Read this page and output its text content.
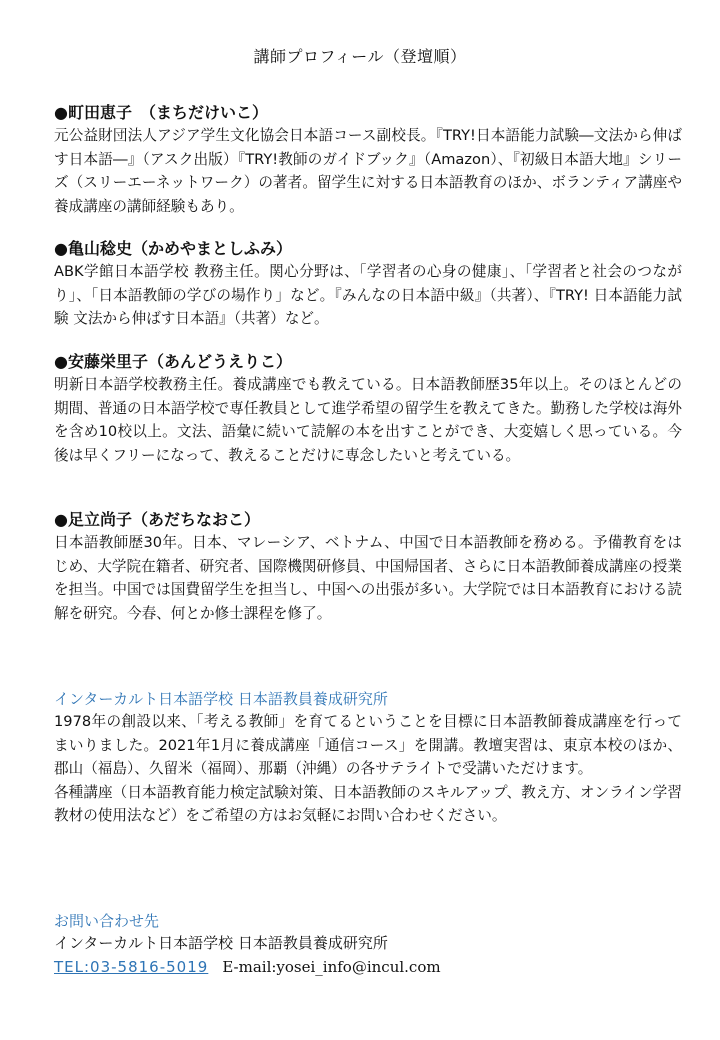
講師プロフィール（登壇順）
●町田恵子　（まちだけいこ）
元公益財団法人アジア学生文化協会日本語コース副校長。『TRY!日本語能力試験―文法から伸ばす日本語―』（アスク出版）『TRY!教師のガイドブック』（Amazon）、『初級日本語大地』シリーズ（スリーエーネットワーク）の著者。留学生に対する日本語教育のほか、ボランティア講座や養成講座の講師経験もあり。
●亀山稔史（かめやまとしふみ）
ABK学館日本語学校 教務主任。関心分野は、「学習者の心身の健康」、「学習者と社会のつながり」、「日本語教師の学びの場作り」など。『みんなの日本語中級』（共著）、『TRY! 日本語能力試験 文法から伸ばす日本語』（共著）など。
●安藤栄里子（あんどうえりこ）
明新日本語学校教務主任。養成講座でも教えている。日本語教師歴35年以上。そのほとんどの期間、普通の日本語学校で専任教員として進学希望の留学生を教えてきた。勤務した学校は海外を含め10校以上。文法、語彙に続いて読解の本を出すことができ、大変嬉しく思っている。今後は早くフリーになって、教えることだけに専念したいと考えている。
●足立尚子（あだちなおこ）
日本語教師歴30年。日本、マレーシア、ベトナム、中国で日本語教師を務める。予備教育をはじめ、大学院在籍者、研究者、国際機関研修員、中国帰国者、さらに日本語教師養成講座の授業を担当。中国では国費留学生を担当し、中国への出張が多い。大学院では日本語教育における読解を研究。今春、何とか修士課程を修了。
インターカルト日本語学校 日本語教員養成研究所

1978年の創設以来、「考える教師」を育てるということを目標に日本語教師養成講座を行ってまいりました。2021年1月に養成講座「通信コース」を開講。教壇実習は、東京本校のほか、郡山（福島）、久留米（福岡）、那覇（沖縄）の各サテライトで受講いただけます。

各種講座（日本語教育能力検定試験対策、日本語教師のスキルアップ、教え方、オンライン学習教材の使用法など）をご希望の方はお気軽にお問い合わせください。

お問い合わせ先
インターカルト日本語学校 日本語教員養成研究所
TEL:03-5816-5019 E-mail:yosei_info@incul.com
